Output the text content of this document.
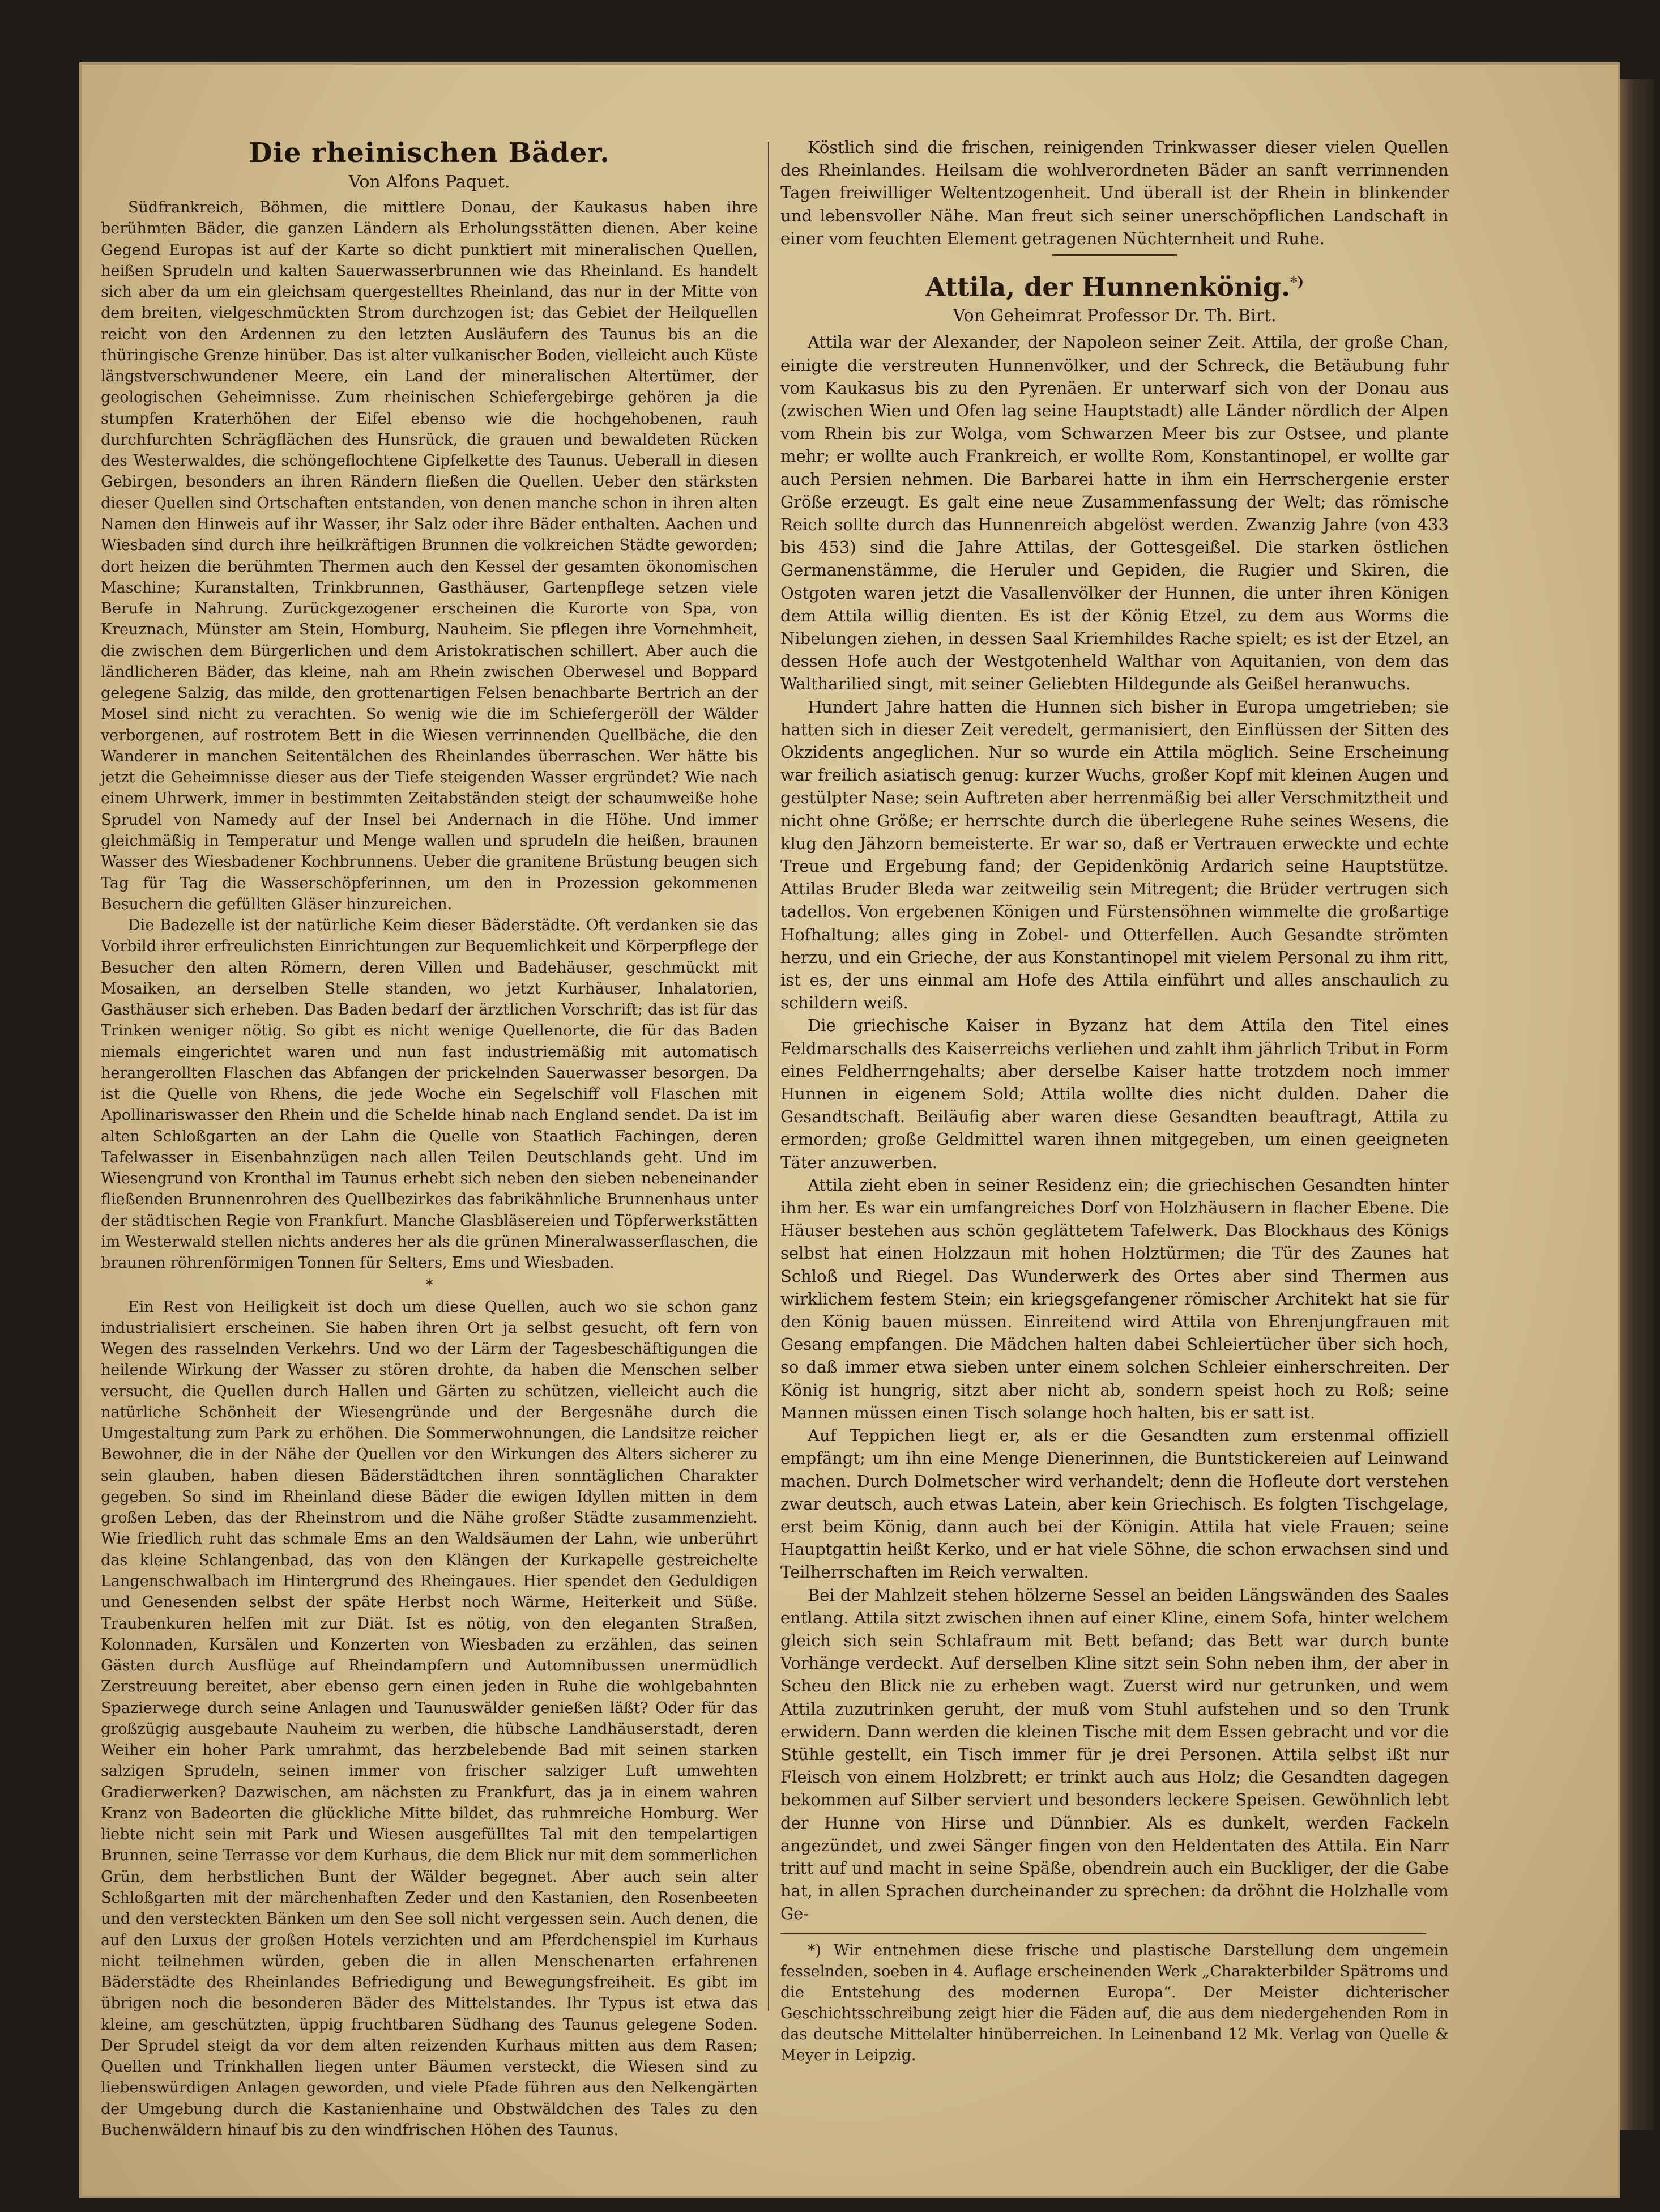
Die rheinischen Bäder.
Von Alfons Paquet.

Südfrankreich, Böhmen, die mittlere Donau, der Kaukasus haben ihre berühmten Bäder, die ganzen Ländern als Erholungsstätten dienen. Aber keine Gegend Europas ist auf der Karte so dicht punktiert mit mineralischen Quellen, heißen Sprudeln und kalten Sauerwasserbrunnen wie das Rheinland. Es handelt sich aber da um ein gleichsam quergestelltes Rheinland, das nur in der Mitte von dem breiten, vielgeschmückten Strom durchzogen ist; das Gebiet der Heilquellen reicht von den Ardennen zu den letzten Ausläufern des Taunus bis an die thüringische Grenze hinüber. Das ist alter vulkanischer Boden, vielleicht auch Küste längstverschwundener Meere, ein Land der mineralischen Altertümer, der geologischen Geheimnisse. Zum rheinischen Schiefergebirge gehören ja die stumpfen Kraterhöhen der Eifel ebenso wie die hochgehobenen, rauh durchfurchten Schrägflächen des Hunsrück, die grauen und bewaldeten Rücken des Westerwaldes, die schöngeflochtene Gipfelkette des Taunus. Ueberall in diesen Gebirgen, besonders an ihren Rändern fließen die Quellen. Ueber den stärksten dieser Quellen sind Ortschaften entstanden, von denen manche schon in ihren alten Namen den Hinweis auf ihr Wasser, ihr Salz oder ihre Bäder enthalten. Aachen und Wiesbaden sind durch ihre heilkräftigen Brunnen die volkreichen Städte geworden; dort heizen die berühmten Thermen auch den Kessel der gesamten ökonomischen Maschine; Kuranstalten, Trinkbrunnen, Gasthäuser, Gartenpflege setzen viele Berufe in Nahrung. Zurückgezogener erscheinen die Kurorte von Spa, von Kreuznach, Münster am Stein, Homburg, Nauheim. Sie pflegen ihre Vornehmheit, die zwischen dem Bürgerlichen und dem Aristokratischen schillert. Aber auch die ländlicheren Bäder, das kleine, nah am Rhein zwischen Oberwesel und Boppard gelegene Salzig, das milde, den grottenartigen Felsen benachbarte Bertrich an der Mosel sind nicht zu verachten. So wenig wie die im Schiefergeröll der Wälder verborgenen, auf rostrotem Bett in die Wiesen verrinnenden Quellbäche, die den Wanderer in manchen Seitentälchen des Rheinlandes überraschen. Wer hätte bis jetzt die Geheimnisse dieser aus der Tiefe steigenden Wasser ergründet? Wie nach einem Uhrwerk, immer in bestimmten Zeitabständen steigt der schaumweiße hohe Sprudel von Namedy auf der Insel bei Andernach in die Höhe. Und immer gleichmäßig in Temperatur und Menge wallen und sprudeln die heißen, braunen Wasser des Wiesbadener Kochbrunnens. Ueber die granitene Brüstung beugen sich Tag für Tag die Wasserschöpferinnen, um den in Prozession gekommenen Besuchern die gefüllten Gläser hinzureichen.

Die Badezelle ist der natürliche Keim dieser Bäderstädte. Oft verdanken sie das Vorbild ihrer erfreulichsten Einrichtungen zur Bequemlichkeit und Körperpflege der Besucher den alten Römern, deren Villen und Badehäuser, geschmückt mit Mosaiken, an derselben Stelle standen, wo jetzt Kurhäuser, Inhalatorien, Gasthäuser sich erheben. Das Baden bedarf der ärztlichen Vorschrift; das ist für das Trinken weniger nötig. So gibt es nicht wenige Quellenorte, die für das Baden niemals eingerichtet waren und nun fast industriemäßig mit automatisch herangerollten Flaschen das Abfangen der prickelnden Sauerwasser besorgen. Da ist die Quelle von Rhens, die jede Woche ein Segelschiff voll Flaschen mit Apollinariswasser den Rhein und die Schelde hinab nach England sendet. Da ist im alten Schloßgarten an der Lahn die Quelle von Staatlich Fachingen, deren Tafelwasser in Eisenbahnzügen nach allen Teilen Deutschlands geht. Und im Wiesengrund von Kronthal im Taunus erhebt sich neben den sieben nebeneinander fließenden Brunnenrohren des Quellbezirkes das fabrikähnliche Brunnenhaus unter der städtischen Regie von Frankfurt. Manche Glasbläsereien und Töpferwerkstätten im Westerwald stellen nichts anderes her als die grünen Mineralwasserflaschen, die braunen röhrenförmigen Tonnen für Selters, Ems und Wiesbaden.

*

Ein Rest von Heiligkeit ist doch um diese Quellen, auch wo sie schon ganz industrialisiert erscheinen. Sie haben ihren Ort ja selbst gesucht, oft fern von Wegen des rasselnden Verkehrs. Und wo der Lärm der Tagesbeschäftigungen die heilende Wirkung der Wasser zu stören drohte, da haben die Menschen selber versucht, die Quellen durch Hallen und Gärten zu schützen, vielleicht auch die natürliche Schönheit der Wiesengründe und der Bergesnähe durch die Umgestaltung zum Park zu erhöhen. Die Sommerwohnungen, die Landsitze reicher Bewohner, die in der Nähe der Quellen vor den Wirkungen des Alters sicherer zu sein glauben, haben diesen Bäderstädtchen ihren sonntäglichen Charakter gegeben. So sind im Rheinland diese Bäder die ewigen Idyllen mitten in dem großen Leben, das der Rheinstrom und die Nähe großer Städte zusammenzieht. Wie friedlich ruht das schmale Ems an den Waldsäumen der Lahn, wie unberührt das kleine Schlangenbad, das von den Klängen der Kurkapelle gestreichelte Langenschwalbach im Hintergrund des Rheingaues. Hier spendet den Geduldigen und Genesenden selbst der späte Herbst noch Wärme, Heiterkeit und Süße. Traubenkuren helfen mit zur Diät. Ist es nötig, von den eleganten Straßen, Kolonnaden, Kursälen und Konzerten von Wiesbaden zu erzählen, das seinen Gästen durch Ausflüge auf Rheindampfern und Automnibussen unermüdlich Zerstreuung bereitet, aber ebenso gern einen jeden in Ruhe die wohlgebahnten Spazierwege durch seine Anlagen und Taunuswälder genießen läßt? Oder für das großzügig ausgebaute Nauheim zu werben, die hübsche Landhäuserstadt, deren Weiher ein hoher Park umrahmt, das herzbelebende Bad mit seinen starken salzigen Sprudeln, seinen immer von frischer salziger Luft umwehten Gradierwerken? Dazwischen, am nächsten zu Frankfurt, das ja in einem wahren Kranz von Badeorten die glückliche Mitte bildet, das ruhmreiche Homburg. Wer liebte nicht sein mit Park und Wiesen ausgefülltes Tal mit den tempelartigen Brunnen, seine Terrasse vor dem Kurhaus, die dem Blick nur mit dem sommerlichen Grün, dem herbstlichen Bunt der Wälder begegnet. Aber auch sein alter Schloßgarten mit der märchenhaften Zeder und den Kastanien, den Rosenbeeten und den versteckten Bänken um den See soll nicht vergessen sein. Auch denen, die auf den Luxus der großen Hotels verzichten und am Pferdchenspiel im Kurhaus nicht teilnehmen würden, geben die in allen Menschenarten erfahrenen Bäderstädte des Rheinlandes Befriedigung und Bewegungsfreiheit. Es gibt im übrigen noch die besonderen Bäder des Mittelstandes. Ihr Typus ist etwa das kleine, am geschützten, üppig fruchtbaren Südhang des Taunus gelegene Soden. Der Sprudel steigt da vor dem alten reizenden Kurhaus mitten aus dem Rasen; Quellen und Trinkhallen liegen unter Bäumen versteckt, die Wiesen sind zu liebenswürdigen Anlagen geworden, und viele Pfade führen aus den Nelkengärten der Umgebung durch die Kastanienhaine und Obstwäldchen des Tales zu den Buchenwäldern hinauf bis zu den windfrischen Höhen des Taunus.

Köstlich sind die frischen, reinigenden Trinkwasser dieser vielen Quellen des Rheinlandes. Heilsam die wohlverordneten Bäder an sanft verrinnenden Tagen freiwilliger Weltentzogenheit. Und überall ist der Rhein in blinkender und lebensvoller Nähe. Man freut sich seiner unerschöpflichen Landschaft in einer vom feuchten Element getragenen Nüchternheit und Ruhe.

Attila, der Hunnenkönig.*)
Von Geheimrat Professor Dr. Th. Birt.

Attila war der Alexander, der Napoleon seiner Zeit. Attila, der große Chan, einigte die verstreuten Hunnenvölker, und der Schreck, die Betäubung fuhr vom Kaukasus bis zu den Pyrenäen. Er unterwarf sich von der Donau aus (zwischen Wien und Ofen lag seine Hauptstadt) alle Länder nördlich der Alpen vom Rhein bis zur Wolga, vom Schwarzen Meer bis zur Ostsee, und plante mehr; er wollte auch Frankreich, er wollte Rom, Konstantinopel, er wollte gar auch Persien nehmen. Die Barbarei hatte in ihm ein Herrschergenie erster Größe erzeugt. Es galt eine neue Zusammenfassung der Welt; das römische Reich sollte durch das Hunnenreich abgelöst werden. Zwanzig Jahre (von 433 bis 453) sind die Jahre Attilas, der Gottesgeißel. Die starken östlichen Germanenstämme, die Heruler und Gepiden, die Rugier und Skiren, die Ostgoten waren jetzt die Vasallenvölker der Hunnen, die unter ihren Königen dem Attila willig dienten. Es ist der König Etzel, zu dem aus Worms die Nibelungen ziehen, in dessen Saal Kriemhildes Rache spielt; es ist der Etzel, an dessen Hofe auch der Westgotenheld Walthar von Aquitanien, von dem das Waltharilied singt, mit seiner Geliebten Hildegunde als Geißel heranwuchs.

Hundert Jahre hatten die Hunnen sich bisher in Europa umgetrieben; sie hatten sich in dieser Zeit veredelt, germanisiert, den Einflüssen der Sitten des Okzidents angeglichen. Nur so wurde ein Attila möglich. Seine Erscheinung war freilich asiatisch genug: kurzer Wuchs, großer Kopf mit kleinen Augen und gestülpter Nase; sein Auftreten aber herrenmäßig bei aller Verschmitztheit und nicht ohne Größe; er herrschte durch die überlegene Ruhe seines Wesens, die klug den Jähzorn bemeisterte. Er war so, daß er Vertrauen erweckte und echte Treue und Ergebung fand; der Gepidenkönig Ardarich seine Hauptstütze. Attilas Bruder Bleda war zeitweilig sein Mitregent; die Brüder vertrugen sich tadellos. Von ergebenen Königen und Fürstensöhnen wimmelte die großartige Hofhaltung; alles ging in Zobel- und Otterfellen. Auch Gesandte strömten herzu, und ein Grieche, der aus Konstantinopel mit vielem Personal zu ihm ritt, ist es, der uns einmal am Hofe des Attila einführt und alles anschaulich zu schildern weiß.

Die griechische Kaiser in Byzanz hat dem Attila den Titel eines Feldmarschalls des Kaiserreichs verliehen und zahlt ihm jährlich Tribut in Form eines Feldherrngehalts; aber derselbe Kaiser hatte trotzdem noch immer Hunnen in eigenem Sold; Attila wollte dies nicht dulden. Daher die Gesandtschaft. Beiläufig aber waren diese Gesandten beauftragt, Attila zu ermorden; große Geldmittel waren ihnen mitgegeben, um einen geeigneten Täter anzuwerben.

Attila zieht eben in seiner Residenz ein; die griechischen Gesandten hinter ihm her. Es war ein umfangreiches Dorf von Holzhäusern in flacher Ebene. Die Häuser bestehen aus schön geglättetem Tafelwerk. Das Blockhaus des Königs selbst hat einen Holzzaun mit hohen Holztürmen; die Tür des Zaunes hat Schloß und Riegel. Das Wunderwerk des Ortes aber sind Thermen aus wirklichem festem Stein; ein kriegsgefangener römischer Architekt hat sie für den König bauen müssen. Einreitend wird Attila von Ehrenjungfrauen mit Gesang empfangen. Die Mädchen halten dabei Schleiertücher über sich hoch, so daß immer etwa sieben unter einem solchen Schleier einherschreiten. Der König ist hungrig, sitzt aber nicht ab, sondern speist hoch zu Roß; seine Mannen müssen einen Tisch solange hoch halten, bis er satt ist.

Auf Teppichen liegt er, als er die Gesandten zum erstenmal offiziell empfängt; um ihn eine Menge Dienerinnen, die Buntstickereien auf Leinwand machen. Durch Dolmetscher wird verhandelt; denn die Hofleute dort verstehen zwar deutsch, auch etwas Latein, aber kein Griechisch. Es folgten Tischgelage, erst beim König, dann auch bei der Königin. Attila hat viele Frauen; seine Hauptgattin heißt Kerko, und er hat viele Söhne, die schon erwachsen sind und Teilherrschaften im Reich verwalten.

Bei der Mahlzeit stehen hölzerne Sessel an beiden Längswänden des Saales entlang. Attila sitzt zwischen ihnen auf einer Kline, einem Sofa, hinter welchem gleich sich sein Schlafraum mit Bett befand; das Bett war durch bunte Vorhänge verdeckt. Auf derselben Kline sitzt sein Sohn neben ihm, der aber in Scheu den Blick nie zu erheben wagt. Zuerst wird nur getrunken, und wem Attila zuzutrinken geruht, der muß vom Stuhl aufstehen und so den Trunk erwidern. Dann werden die kleinen Tische mit dem Essen gebracht und vor die Stühle gestellt, ein Tisch immer für je drei Personen. Attila selbst ißt nur Fleisch von einem Holzbrett; er trinkt auch aus Holz; die Gesandten dagegen bekommen auf Silber serviert und besonders leckere Speisen. Gewöhnlich lebt der Hunne von Hirse und Dünnbier. Als es dunkelt, werden Fackeln angezündet, und zwei Sänger fingen von den Heldentaten des Attila. Ein Narr tritt auf und macht in seine Späße, obendrein auch ein Buckliger, der die Gabe hat, in allen Sprachen durcheinander zu sprechen: da dröhnt die Holzhalle vom Ge-

*) Wir entnehmen diese frische und plastische Darstellung dem ungemein fesselnden, soeben in 4. Auflage erscheinenden Werk „Charakterbilder Spätroms und die Entstehung des modernen Europa“. Der Meister dichterischer Geschichtsschreibung zeigt hier die Fäden auf, die aus dem niedergehenden Rom in das deutsche Mittelalter hinüberreichen. In Leinenband 12 Mk. Verlag von Quelle & Meyer in Leipzig.
